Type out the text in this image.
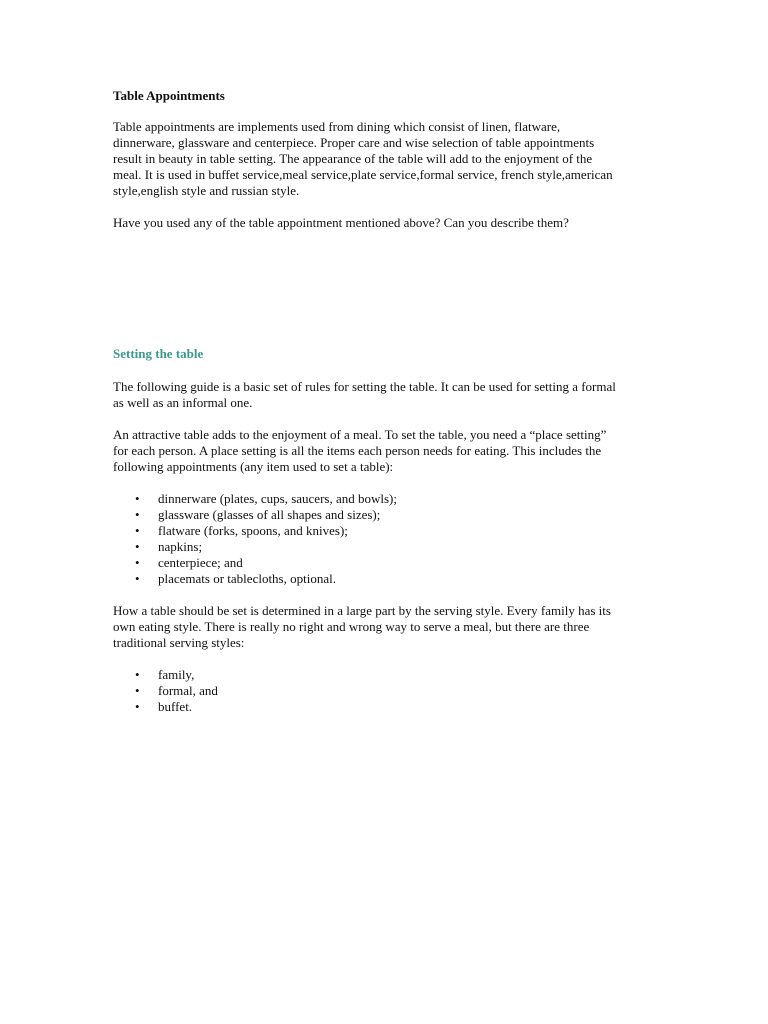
Table Appointments

Table appointments are implements used from dining which consist of linen, flatware,
dinnerware, glassware and centerpiece. Proper care and wise selection of table appointments
result in beauty in table setting. The appearance of the table will add to the enjoyment of the
meal. It is used in buffet service,meal service,plate service,formal service, french style,american
style,english style and russian style.

Have you used any of the table appointment mentioned above? Can you describe them?

Setting the table

The following guide is a basic set of rules for setting the table. It can be used for setting a formal
as well as an informal one.

An attractive table adds to the enjoyment of a meal. To set the table, you need a “place setting”
for each person. A place setting is all the items each person needs for eating. This includes the
following appointments (any item used to set a table):

• dinnerware (plates, cups, saucers, and bowls);
• glassware (glasses of all shapes and sizes);
• flatware (forks, spoons, and knives);
• napkins;
• centerpiece; and
• placemats or tablecloths, optional.

How a table should be set is determined in a large part by the serving style. Every family has its
own eating style. There is really no right and wrong way to serve a meal, but there are three
traditional serving styles:

• family,
• formal, and
• buffet.
